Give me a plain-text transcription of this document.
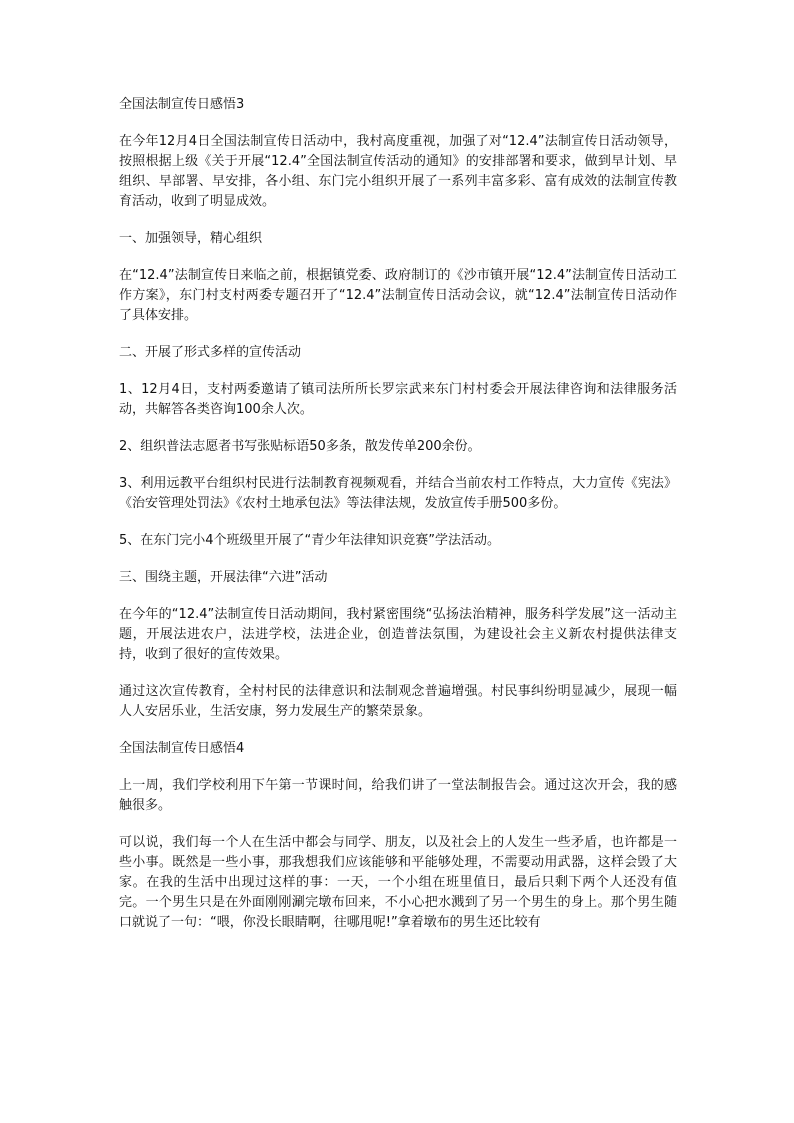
全国法制宣传日感悟3

在今年12月4日全国法制宣传日活动中，我村高度重视，加强了对“12.4”法制宣传日活动领导，按照根据上级《关于开展“12.4”全国法制宣传活动的通知》的安排部署和要求，做到早计划、早组织、早部署、早安排，各小组、东门完小组织开展了一系列丰富多彩、富有成效的法制宣传教育活动，收到了明显成效。

一、加强领导，精心组织

在“12.4”法制宣传日来临之前，根据镇党委、政府制订的《沙市镇开展“12.4”法制宣传日活动工作方案》，东门村支村两委专题召开了“12.4”法制宣传日活动会议，就“12.4”法制宣传日活动作了具体安排。

二、开展了形式多样的宣传活动

1、12月4日，支村两委邀请了镇司法所所长罗宗武来东门村村委会开展法律咨询和法律服务活动，共解答各类咨询100余人次。

2、组织普法志愿者书写张贴标语50多条，散发传单200余份。

3、利用远教平台组织村民进行法制教育视频观看，并结合当前农村工作特点，大力宣传《宪法》《治安管理处罚法》《农村土地承包法》等法律法规，发放宣传手册500多份。

5、在东门完小4个班级里开展了“青少年法律知识竞赛”学法活动。

三、围绕主题，开展法律“六进”活动

在今年的“12.4”法制宣传日活动期间，我村紧密围绕“弘扬法治精神，服务科学发展”这一活动主题，开展法进农户，法进学校，法进企业，创造普法氛围，为建设社会主义新农村提供法律支持，收到了很好的宣传效果。

通过这次宣传教育，全村村民的法律意识和法制观念普遍增强。村民事纠纷明显减少，展现一幅人人安居乐业，生活安康，努力发展生产的繁荣景象。

全国法制宣传日感悟4

上一周，我们学校利用下午第一节课时间，给我们讲了一堂法制报告会。通过这次开会，我的感触很多。

可以说，我们每一个人在生活中都会与同学、朋友，以及社会上的人发生一些矛盾，也许都是一些小事。既然是一些小事，那我想我们应该能够和平能够处理，不需要动用武器，这样会毁了大家。在我的生活中出现过这样的事：一天，一个小组在班里值日，最后只剩下两个人还没有值完。一个男生只是在外面刚刚涮完墩布回来，不小心把水溅到了另一个男生的身上。那个男生随口就说了一句：“喂，你没长眼睛啊，往哪甩呢!”拿着墩布的男生还比较有
